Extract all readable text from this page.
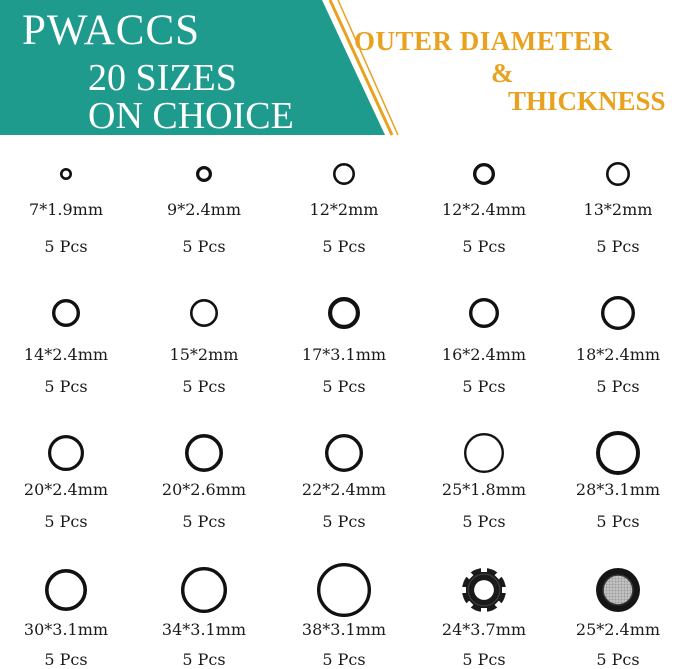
PWACCS
20 SIZES
ON CHOICE
OUTER DIAMETER
&
THICKNESS
7*1.9mm
5 Pcs
9*2.4mm
5 Pcs
12*2mm
5 Pcs
12*2.4mm
5 Pcs
13*2mm
5 Pcs
14*2.4mm
5 Pcs
15*2mm
5 Pcs
17*3.1mm
5 Pcs
16*2.4mm
5 Pcs
18*2.4mm
5 Pcs
20*2.4mm
5 Pcs
20*2.6mm
5 Pcs
22*2.4mm
5 Pcs
25*1.8mm
5 Pcs
28*3.1mm
5 Pcs
30*3.1mm
5 Pcs
34*3.1mm
5 Pcs
38*3.1mm
5 Pcs
24*3.7mm
5 Pcs
25*2.4mm
5 Pcs
